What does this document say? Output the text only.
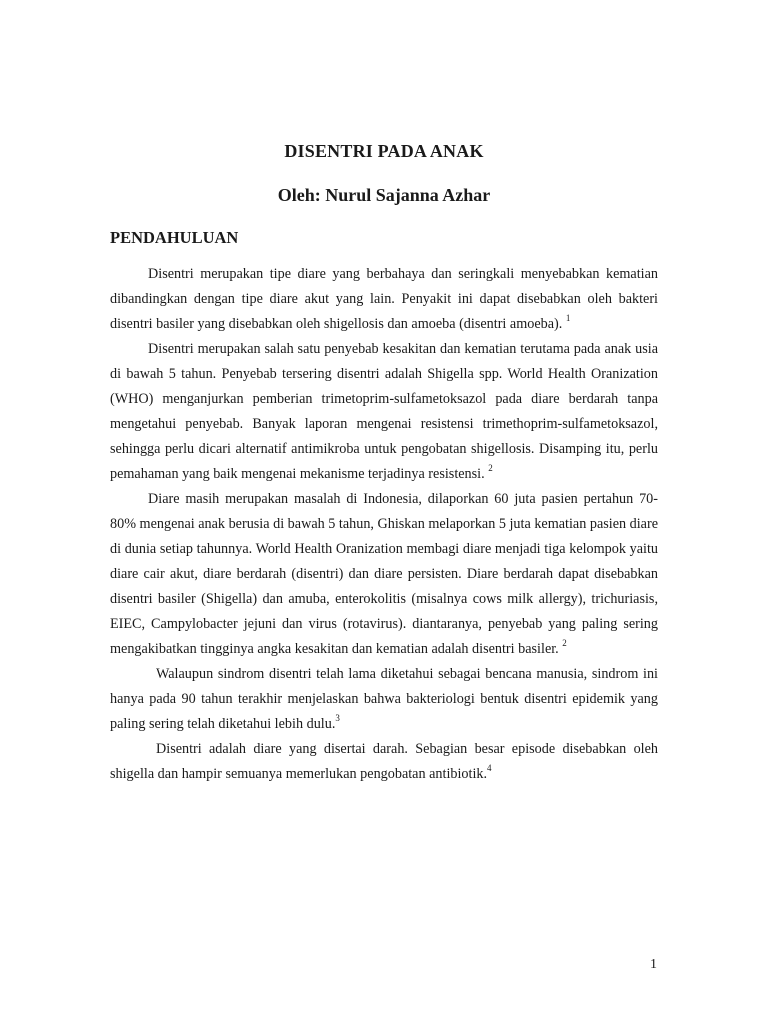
DISENTRI PADA ANAK
Oleh: Nurul Sajanna Azhar
PENDAHULUAN

Disentri merupakan tipe diare yang berbahaya dan seringkali menyebabkan kematian dibandingkan dengan tipe diare akut yang lain. Penyakit ini dapat disebabkan oleh bakteri disentri basiler yang disebabkan oleh shigellosis dan amoeba (disentri amoeba). $^1$

Disentri merupakan salah satu penyebab kesakitan dan kematian terutama pada anak usia di bawah 5 tahun. Penyebab tersering disentri adalah Shigella spp. World Health Oranization (WHO) menganjurkan pemberian trimetoprim-sulfametoksazol pada diare berdarah tanpa mengetahui penyebab. Banyak laporan mengenai resistensi trimethoprim-sulfametoksazol, sehingga perlu dicari alternatif antimikroba untuk pengobatan shigellosis. Disamping itu, perlu pemahaman yang baik mengenai mekanisme terjadinya resistensi. $^2$

Diare masih merupakan masalah di Indonesia, dilaporkan 60 juta pasien pertahun 70-80% mengenai anak berusia di bawah 5 tahun, Ghiskan melaporkan 5 juta kematian pasien diare di dunia setiap tahunnya. World Health Oranization membagi diare menjadi tiga kelompok yaitu diare cair akut, diare berdarah (disentri) dan diare persisten. Diare berdarah dapat disebabkan disentri basiler (Shigella) dan amuba, enterokolitis (misalnya cows milk allergy), trichuriasis, EIEC, Campylobacter jejuni dan virus (rotavirus). diantaranya, penyebab yang paling sering mengakibatkan tingginya angka kesakitan dan kematian adalah disentri basiler. $^2$

Walaupun sindrom disentri telah lama diketahui sebagai bencana manusia, sindrom ini hanya pada 90 tahun terakhir menjelaskan bahwa bakteriologi bentuk disentri epidemik yang paling sering telah diketahui lebih dulu.$^3$

Disentri adalah diare yang disertai darah. Sebagian besar episode disebabkan oleh shigella dan hampir semuanya memerlukan pengobatan antibiotik.$^4$

1
